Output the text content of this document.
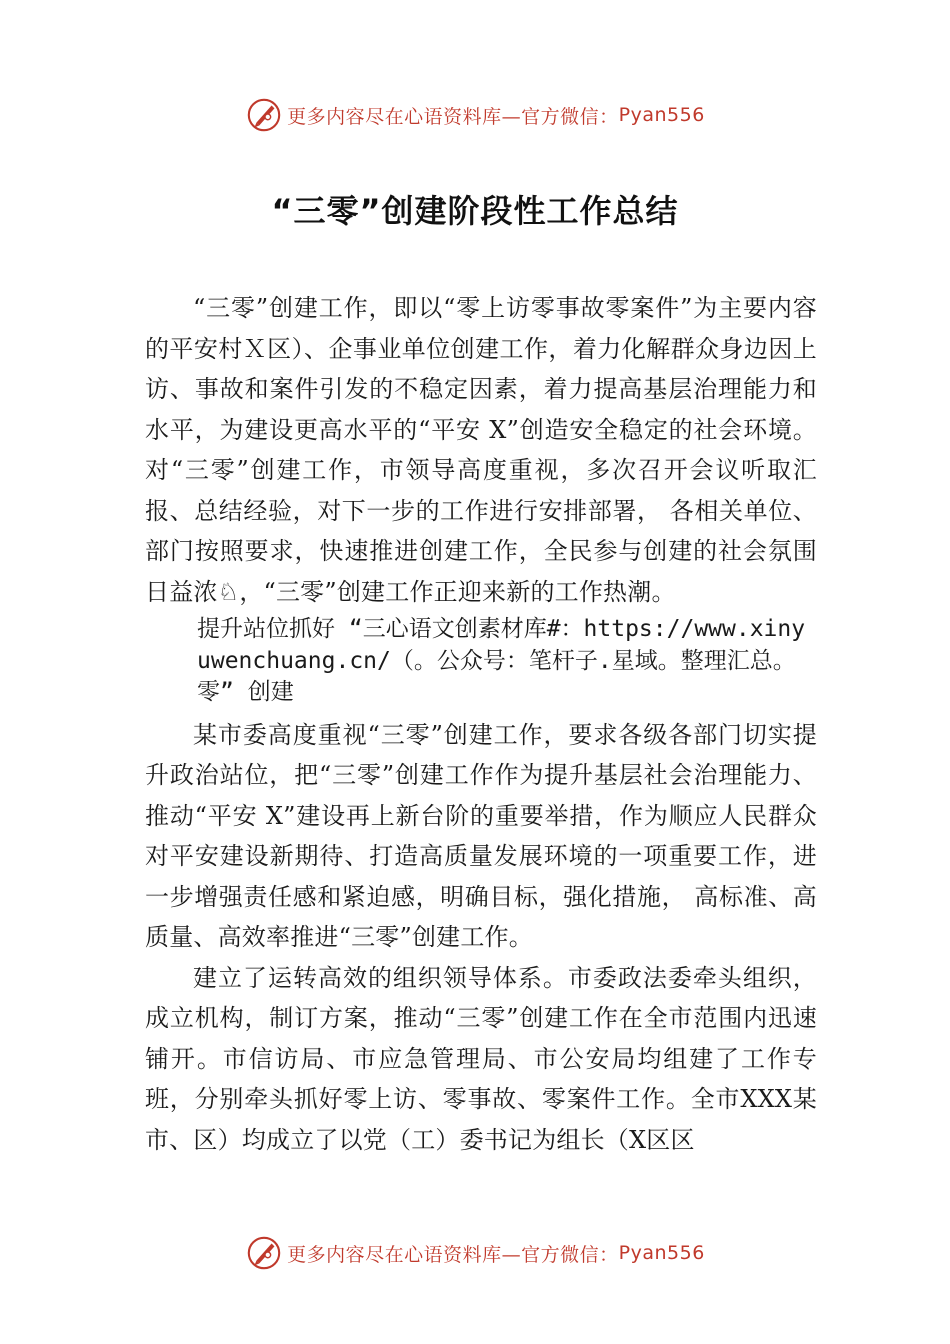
更多内容尽在心语资料库—官方微信： Pyan556
“三零”创建阶段性工作总结

“三零”创建工作，即以“零上访零事故零案件”为主要内容的平安村Ｘ区）、企事业单位创建工作，着力化解群众身边因上访、事故和案件引发的不稳定因素，着力提高基层治理能力和水平，为建设更高水平的“平安 X”创造安全稳定的社会环境。对“三零”创建工作，市领导高度重视，多次召开会议听取汇报、总结经验，对下一步的工作进行安排部署， 各相关单位、部门按照要求，快速推进创建工作，全民参与创建的社会氛围日益浓♘，“三零”创建工作正迎来新的工作热潮。

提升站位抓好 “三心语文创素材库#：https://www.xinyuwenchuang.cn/（。公众号：笔杆子.星域。整理汇总。零” 创建

某市委高度重视“三零”创建工作，要求各级各部门切实提升政治站位，把“三零”创建工作作为提升基层社会治理能力、推动“平安 X”建设再上新台阶的重要举措，作为顺应人民群众对平安建设新期待、打造高质量发展环境的一项重要工作，进一步增强责任感和紧迫感，明确目标，强化措施， 高标准、高质量、高效率推进“三零”创建工作。

建立了运转高效的组织领导体系。市委政法委牵头组织，成立机构，制订方案，推动“三零”创建工作在全市范围内迅速铺开。市信访局、市应急管理局、市公安局均组建了工作专班，分别牵头抓好零上访、零事故、零案件工作。全市XXX某市、区）均成立了以党（工）委书记为组长（X区区

更多内容尽在心语资料库—官方微信： Pyan556
